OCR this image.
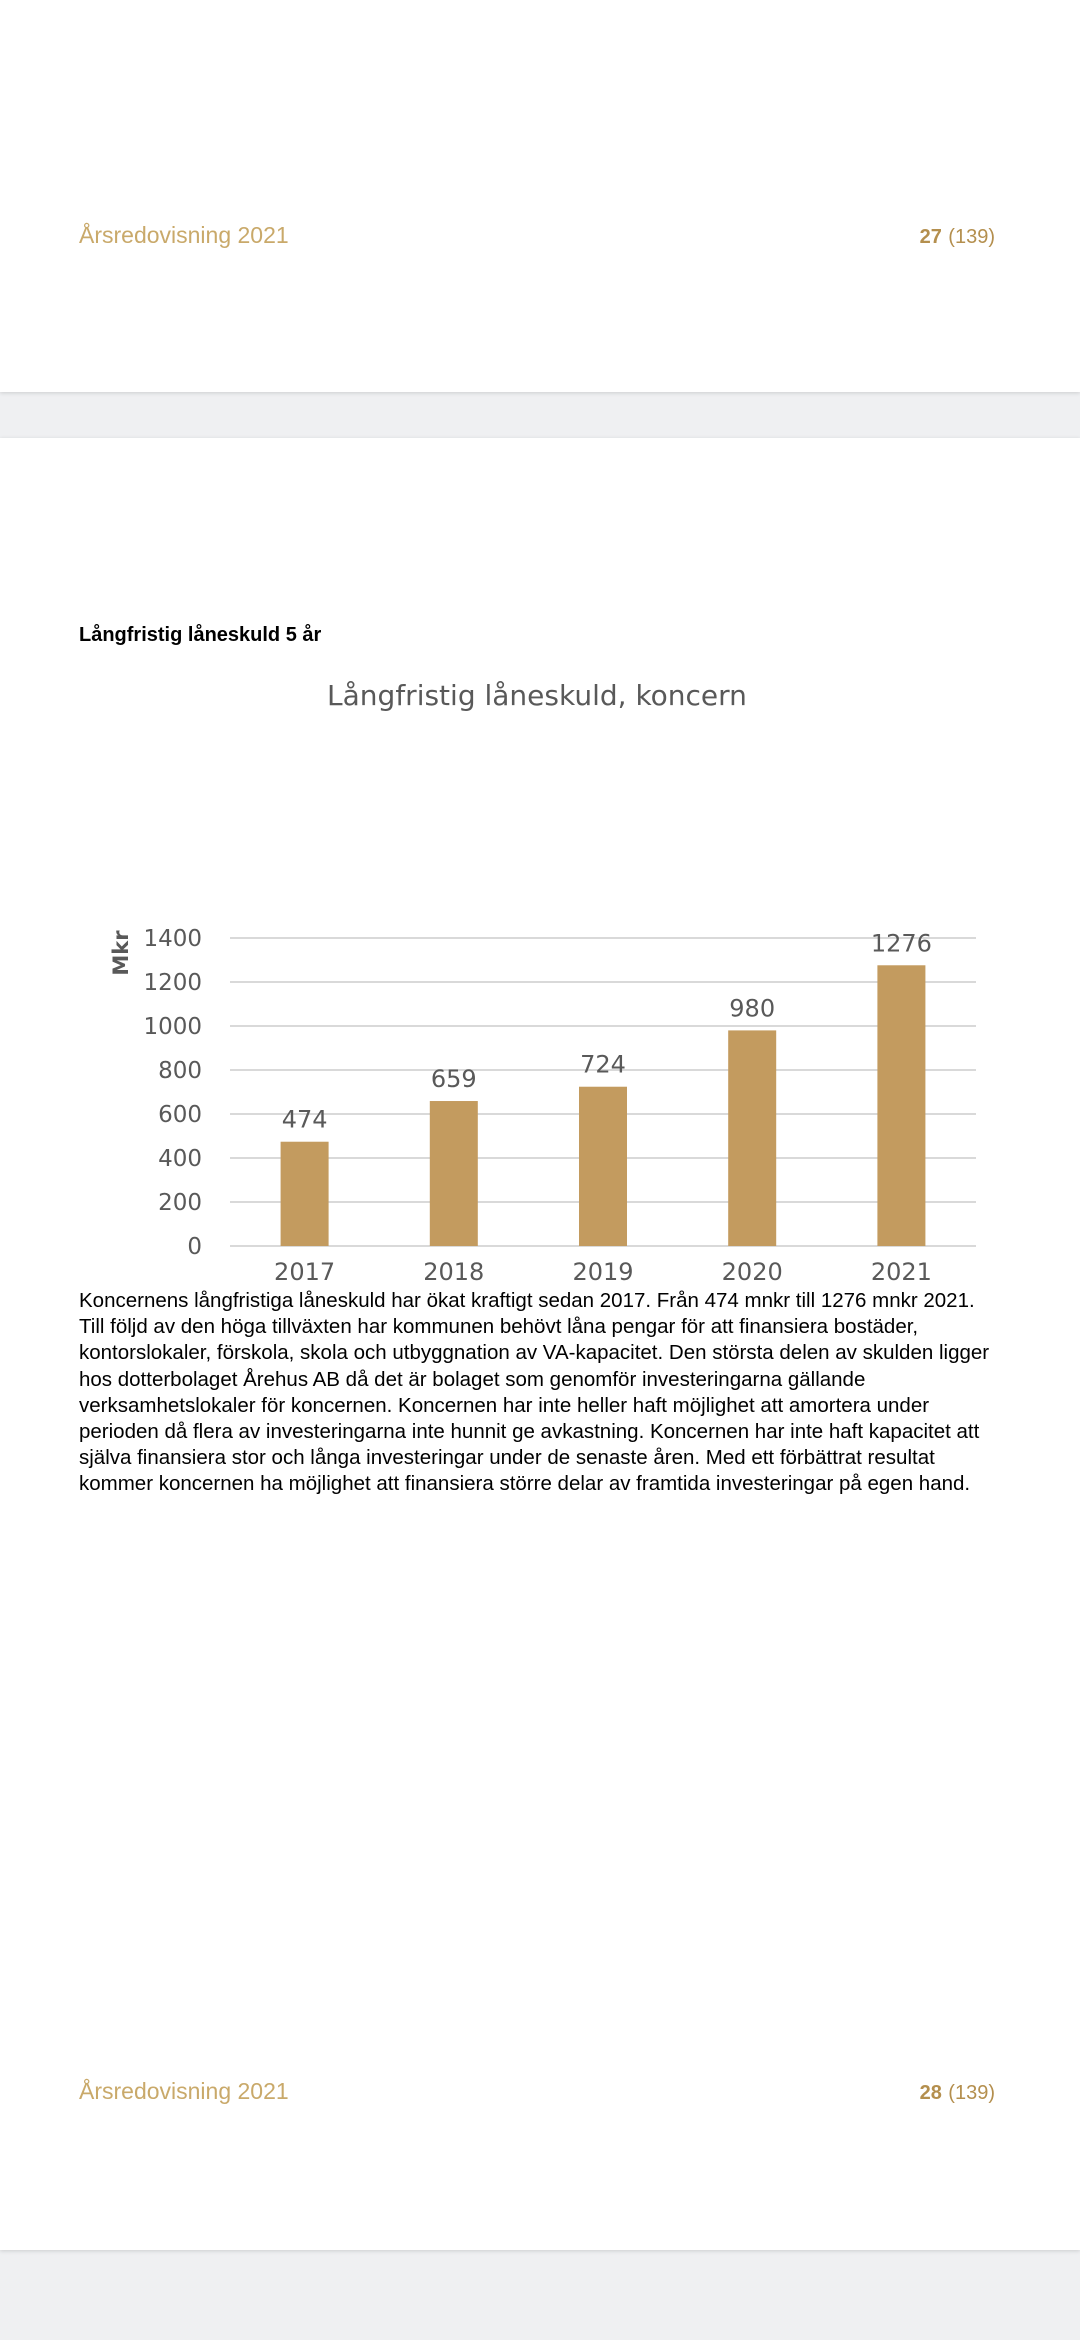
Årsredovisning 2021	27 (139)
Långfristig låneskuld 5 år
Långfristig låneskuld, koncern
Mkr
0
200
400
600
800
1000
1200
1400
474
659
724
980
1276
2017	2018	2019	2020	2021
Koncernens långfristiga låneskuld har ökat kraftigt sedan 2017. Från 474 mnkr till 1276 mnkr 2021. Till följd av den höga tillväxten har kommunen behövt låna pengar för att finansiera bostäder, kontorslokaler, förskola, skola och utbyggnation av VA-kapacitet. Den största delen av skulden ligger hos dotterbolaget Årehus AB då det är bolaget som genomför investeringarna gällande verksamhetslokaler för koncernen. Koncernen har inte heller haft möjlighet att amortera under perioden då flera av investeringarna inte hunnit ge avkastning. Koncernen har inte haft kapacitet att själva finansiera stor och långa investeringar under de senaste åren. Med ett förbättrat resultat kommer koncernen ha möjlighet att finansiera större delar av framtida investeringar på egen hand.
Årsredovisning 2021	28 (139)
